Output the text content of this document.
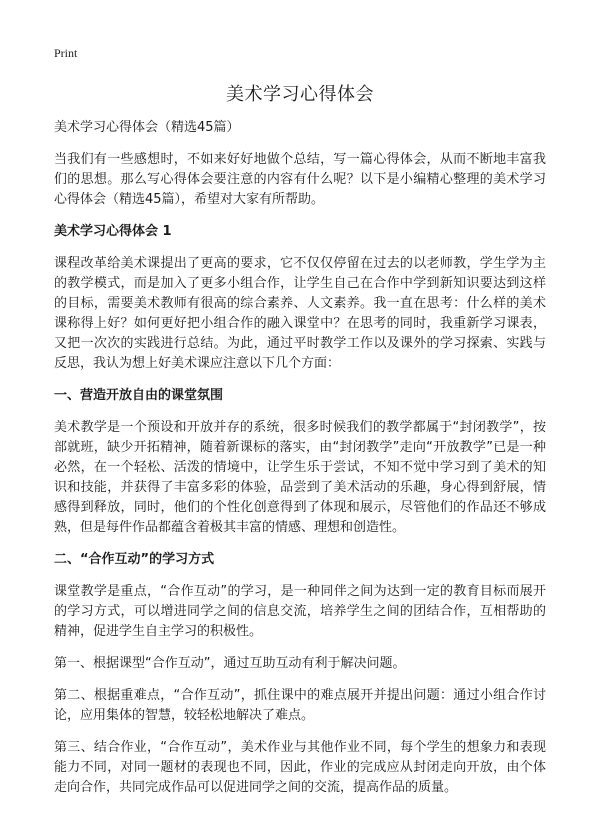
Print
美术学习心得体会

美术学习心得体会（精选45篇）

当我们有一些感想时，不如来好好地做个总结，写一篇心得体会，从而不断地丰富我们的思想。那么写心得体会要注意的内容有什么呢？以下是小编精心整理的美术学习心得体会（精选45篇），希望对大家有所帮助。

美术学习心得体会 1

课程改革给美术课提出了更高的要求，它不仅仅停留在过去的以老师教，学生学为主的教学模式，而是加入了更多小组合作，让学生自己在合作中学到新知识要达到这样的目标，需要美术教师有很高的综合素养、人文素养。我一直在思考：什么样的美术课称得上好？如何更好把小组合作的融入课堂中？在思考的同时，我重新学习课表，又把一次次的实践进行总结。为此，通过平时教学工作以及课外的学习探索、实践与反思，我认为想上好美术课应注意以下几个方面：

一、营造开放自由的课堂氛围

美术教学是一个预设和开放并存的系统，很多时候我们的教学都属于“封闭教学”，按部就班，缺少开拓精神，随着新课标的落实，由“封闭教学”走向“开放教学”已是一种必然，在一个轻松、活泼的情境中，让学生乐于尝试，不知不觉中学习到了美术的知识和技能，并获得了丰富多彩的体验，品尝到了美术活动的乐趣，身心得到舒展，情感得到释放，同时，他们的个性化创意得到了体现和展示，尽管他们的作品还不够成熟，但是每件作品都蕴含着极其丰富的情感、理想和创造性。

二、“合作互动”的学习方式

课堂教学是重点，“合作互动”的学习，是一种同伴之间为达到一定的教育目标而展开的学习方式，可以增进同学之间的信息交流，培养学生之间的团结合作，互相帮助的精神，促进学生自主学习的积极性。

第一、根据课型“合作互动”，通过互助互动有利于解决问题。

第二、根据重难点，“合作互动”，抓住课中的难点展开并提出问题：通过小组合作讨论，应用集体的智慧，较轻松地解决了难点。

第三、结合作业，“合作互动”，美术作业与其他作业不同，每个学生的想象力和表现能力不同，对同一题材的表现也不同，因此，作业的完成应从封闭走向开放，由个体走向合作，共同完成作品可以促进同学之间的交流，提高作品的质量。
